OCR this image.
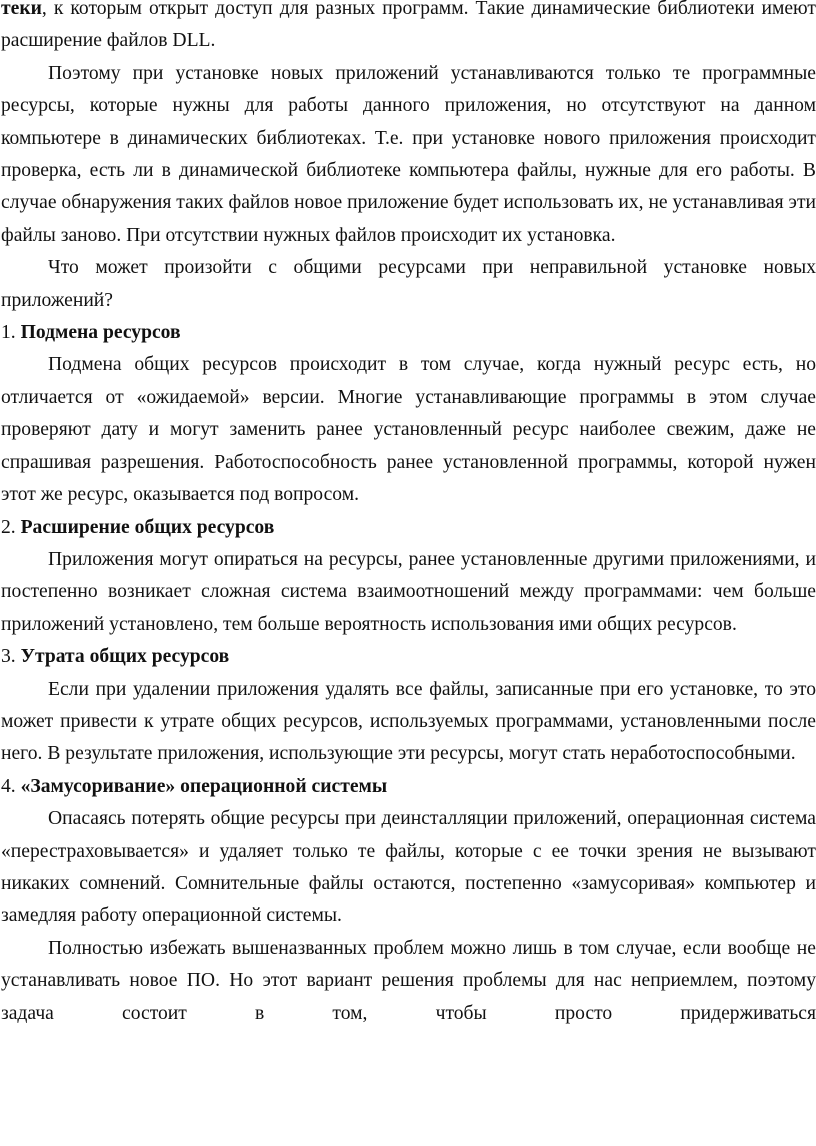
теки, к которым открыт доступ для разных программ. Такие динамические библиотеки имеют расширение файлов DLL.

Поэтому при установке новых приложений устанавливаются только те программные ресурсы, которые нужны для работы данного приложения, но отсутствуют на данном компьютере в динамических библиотеках. Т.е. при установке нового приложения происходит проверка, есть ли в динамической библиотеке компьютера файлы, нужные для его работы. В случае обнаружения таких файлов новое приложение будет использовать их, не устанавливая эти файлы заново. При отсутствии нужных файлов происходит их установка.

Что может произойти с общими ресурсами при неправильной установке новых приложений?

1. Подмена ресурсов

Подмена общих ресурсов происходит в том случае, когда нужный ресурс есть, но отличается от «ожидаемой» версии. Многие устанавливающие программы в этом случае проверяют дату и могут заменить ранее установленный ресурс наиболее свежим, даже не спрашивая разрешения. Работоспособность ранее установленной программы, которой нужен этот же ресурс, оказывается под вопросом.

2. Расширение общих ресурсов

Приложения могут опираться на ресурсы, ранее установленные другими приложениями, и постепенно возникает сложная система взаимоотношений между программами: чем больше приложений установлено, тем больше вероятность использования ими общих ресурсов.

3. Утрата общих ресурсов

Если при удалении приложения удалять все файлы, записанные при его установке, то это может привести к утрате общих ресурсов, используемых программами, установленными после него. В результате приложения, использующие эти ресурсы, могут стать неработоспособными.

4. «Замусоривание» операционной системы

Опасаясь потерять общие ресурсы при деинсталляции приложений, операционная система «перестраховывается» и удаляет только те файлы, которые с ее точки зрения не вызывают никаких сомнений. Сомнительные файлы остаются, постепенно «замусоривая» компьютер и замедляя работу операционной системы.

Полностью избежать вышеназванных проблем можно лишь в том случае, если вообще не устанавливать новое ПО. Но этот вариант решения проблемы для нас неприемлем, поэтому задача состоит в том, чтобы просто придерживаться
